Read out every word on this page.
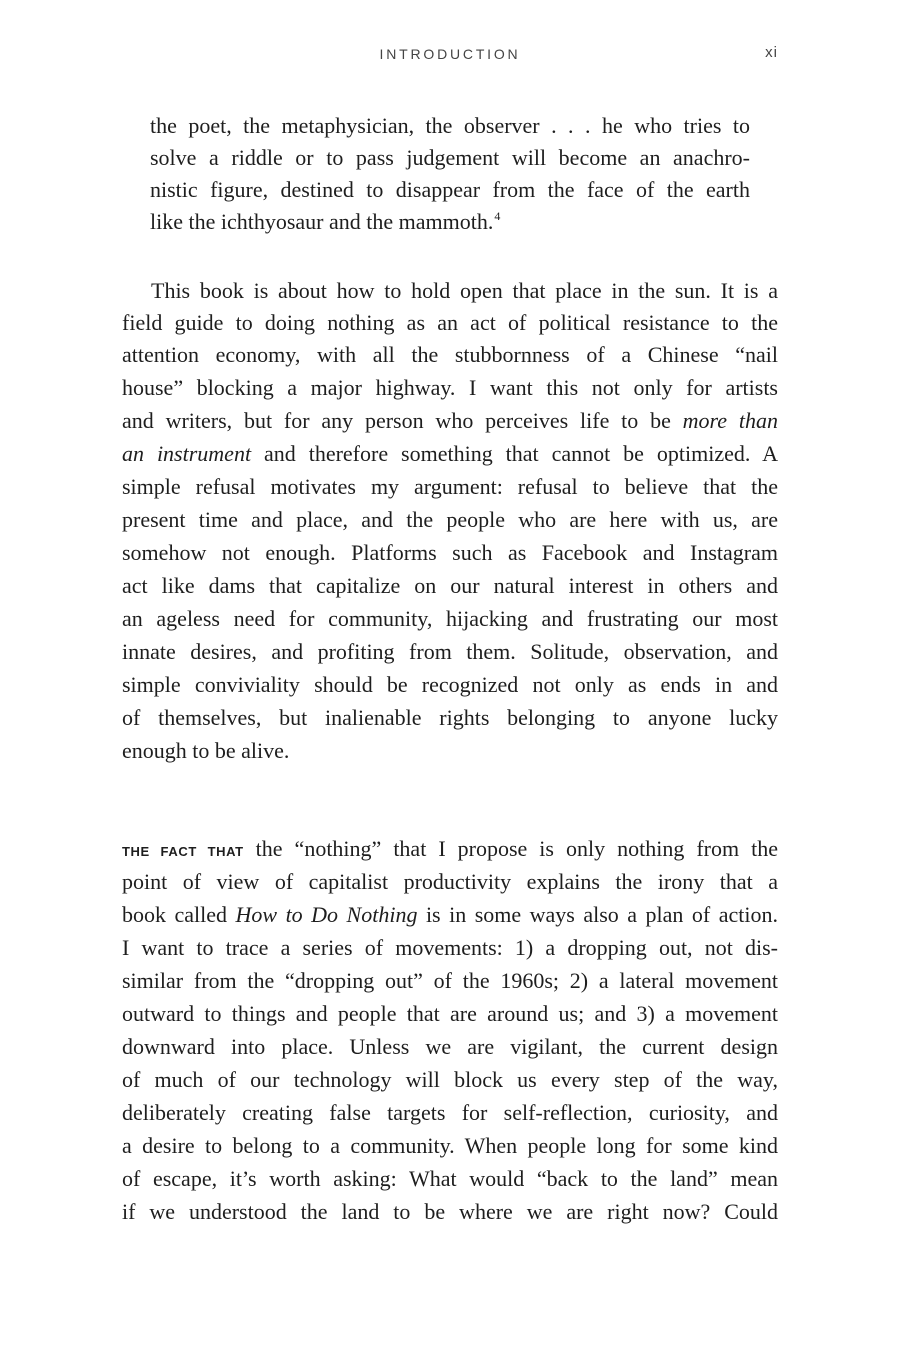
INTRODUCTION	xi
the poet, the metaphysician, the observer . . . he who tries to
solve a riddle or to pass judgement will become an anachro-
nistic figure, destined to disappear from the face of the earth
like the ichthyosaur and the mammoth.$^4$
This book is about how to hold open that place in the sun. It is a
field guide to doing nothing as an act of political resistance to the
attention economy, with all the stubbornness of a Chinese “nail
house” blocking a major highway. I want this not only for artists
and writers, but for any person who perceives life to be more than
an instrument and therefore something that cannot be optimized. A
simple refusal motivates my argument: refusal to believe that the
present time and place, and the people who are here with us, are
somehow not enough. Platforms such as Facebook and Instagram
act like dams that capitalize on our natural interest in others and
an ageless need for community, hijacking and frustrating our most
innate desires, and profiting from them. Solitude, observation, and
simple conviviality should be recognized not only as ends in and
of themselves, but inalienable rights belonging to anyone lucky
enough to be alive.
THE FACT THAT the “nothing” that I propose is only nothing from the
point of view of capitalist productivity explains the irony that a
book called How to Do Nothing is in some ways also a plan of action.
I want to trace a series of movements: 1) a dropping out, not dis-
similar from the “dropping out” of the 1960s; 2) a lateral movement
outward to things and people that are around us; and 3) a movement
downward into place. Unless we are vigilant, the current design
of much of our technology will block us every step of the way,
deliberately creating false targets for self-reflection, curiosity, and
a desire to belong to a community. When people long for some kind
of escape, it’s worth asking: What would “back to the land” mean
if we understood the land to be where we are right now? Could
